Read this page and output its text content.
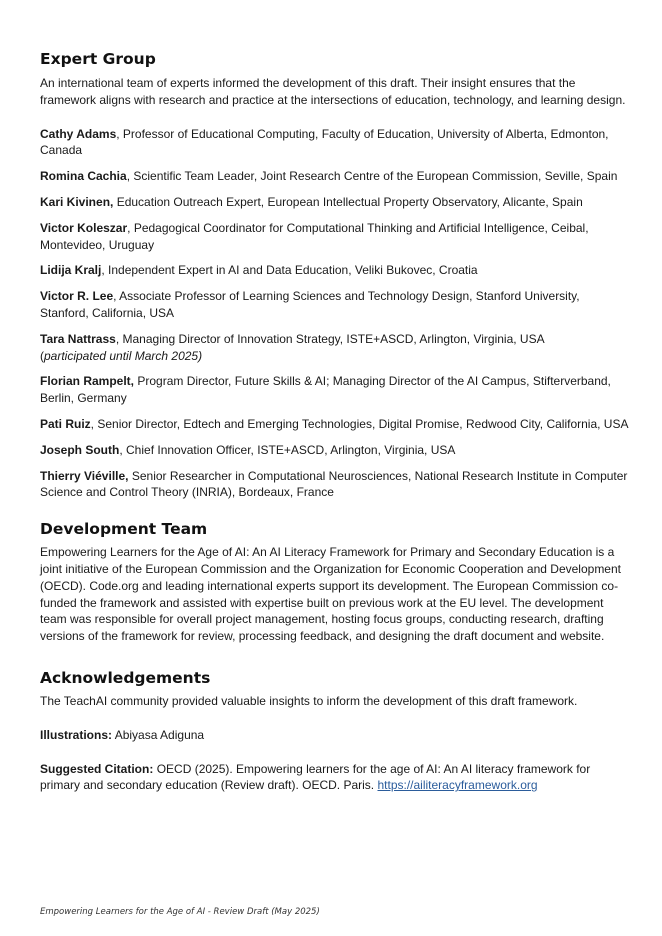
Expert Group

An international team of experts informed the development of this draft. Their insight ensures that the framework aligns with research and practice at the intersections of education, technology, and learning design.

Cathy Adams, Professor of Educational Computing, Faculty of Education, University of Alberta, Edmonton, Canada

Romina Cachia, Scientific Team Leader, Joint Research Centre of the European Commission, Seville, Spain

Kari Kivinen, Education Outreach Expert, European Intellectual Property Observatory, Alicante, Spain

Victor Koleszar, Pedagogical Coordinator for Computational Thinking and Artificial Intelligence, Ceibal, Montevideo, Uruguay

Lidija Kralj, Independent Expert in AI and Data Education, Veliki Bukovec, Croatia

Victor R. Lee, Associate Professor of Learning Sciences and Technology Design, Stanford University, Stanford, California, USA

Tara Nattrass, Managing Director of Innovation Strategy, ISTE+ASCD, Arlington, Virginia, USA
(participated until March 2025)

Florian Rampelt, Program Director, Future Skills & AI; Managing Director of the AI Campus, Stifterverband, Berlin, Germany

Pati Ruiz, Senior Director, Edtech and Emerging Technologies, Digital Promise, Redwood City, California, USA

Joseph South, Chief Innovation Officer, ISTE+ASCD, Arlington, Virginia, USA

Thierry Viéville, Senior Researcher in Computational Neurosciences, National Research Institute in Computer Science and Control Theory (INRIA), Bordeaux, France

Development Team

Empowering Learners for the Age of AI: An AI Literacy Framework for Primary and Secondary Education is a joint initiative of the European Commission and the Organization for Economic Cooperation and Development (OECD). Code.org and leading international experts support its development. The European Commission co-funded the framework and assisted with expertise built on previous work at the EU level. The development team was responsible for overall project management, hosting focus groups, conducting research, drafting versions of the framework for review, processing feedback, and designing the draft document and website.

Acknowledgements

The TeachAI community provided valuable insights to inform the development of this draft framework.

Illustrations: Abiyasa Adiguna

Suggested Citation: OECD (2025). Empowering learners for the age of AI: An AI literacy framework for primary and secondary education (Review draft). OECD. Paris. https://ailiteracyframework.org

Empowering Learners for the Age of AI - Review Draft (May 2025)
